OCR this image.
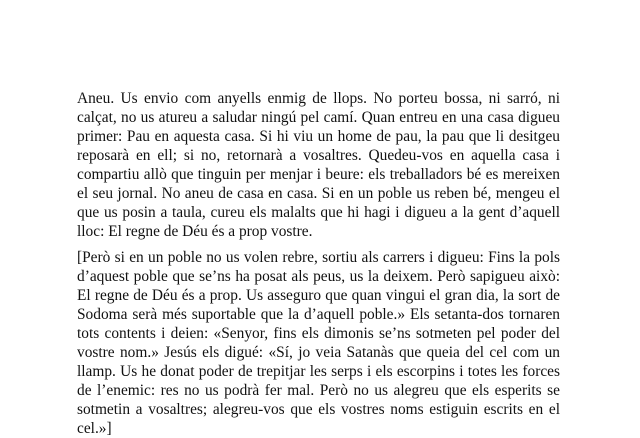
Aneu. Us envio com anyells enmig de llops. No porteu bossa, ni sarró, ni calçat, no us atureu a saludar ningú pel camí. Quan entreu en una casa digueu primer: Pau en aquesta casa. Si hi viu un home de pau, la pau que li desitgeu reposarà en ell; si no, retornarà a vosaltres. Quedeu-vos en aquella casa i compartiu allò que tinguin per menjar i beure: els treballadors bé es mereixen el seu jornal. No aneu de casa en casa. Si en un poble us reben bé, mengeu el que us posin a taula, cureu els malalts que hi hagi i digueu a la gent d’aquell lloc: El regne de Déu és a prop vostre.

[Però si en un poble no us volen rebre, sortiu als carrers i digueu: Fins la pols d’aquest poble que se’ns ha posat als peus, us la deixem. Però sapigueu això: El regne de Déu és a prop. Us asseguro que quan vingui el gran dia, la sort de Sodoma serà més suportable que la d’aquell poble.» Els setanta-dos tornaren tots contents i deien: «Senyor, fins els dimonis se’ns sotmeten pel poder del vostre nom.» Jesús els digué: «Sí, jo veia Satanàs que queia del cel com un llamp. Us he donat poder de trepitjar les serps i els escorpins i totes les forces de l’enemic: res no us podrà fer mal. Però no us alegreu que els esperits se sotmetin a vosaltres; alegreu-vos que els vostres noms estiguin escrits en el cel.»]
